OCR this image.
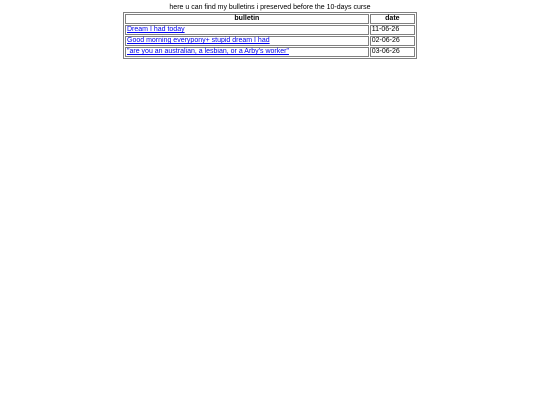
here u can find my bulletins i preserved before the 10-days curse
bulletin	date
Dream I had today	11-06-26
Good morning everypony+ stupid dream I had	02-06-26
"are you an australian, a lesbian, or a Arby's worker"	03-06-26
